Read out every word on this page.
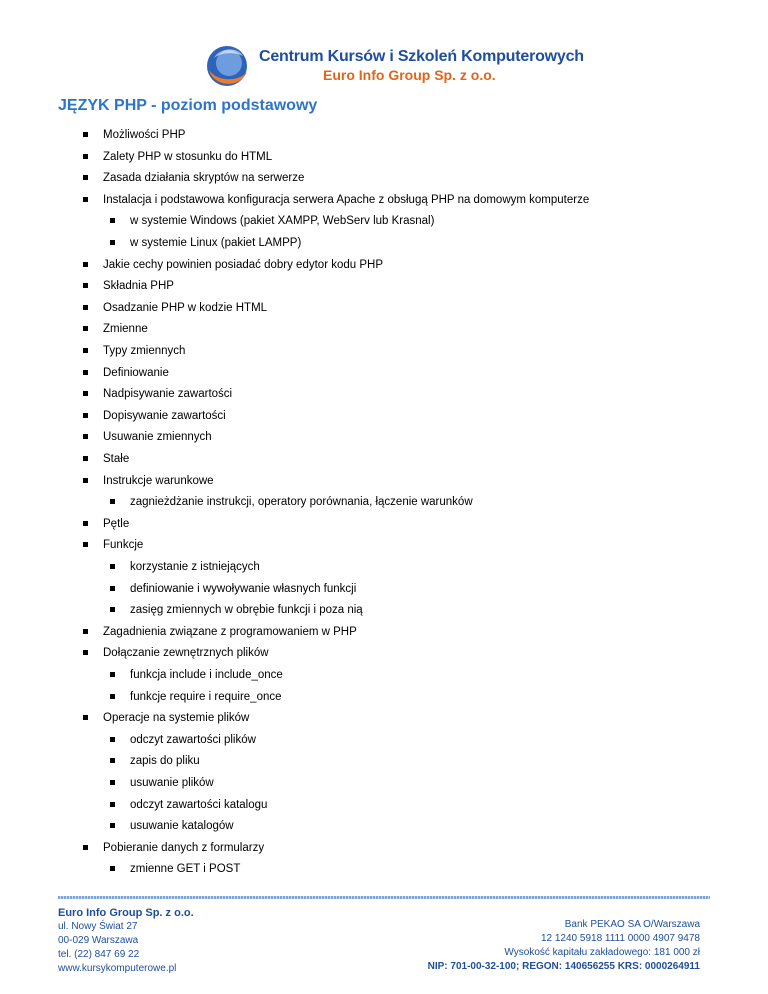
Centrum Kursów i Szkoleń Komputerowych
Euro Info Group Sp. z o.o.
JĘZYK PHP - poziom podstawowy
Możliwości PHP
Zalety PHP w stosunku do HTML
Zasada działania skryptów na serwerze
Instalacja i podstawowa konfiguracja serwera Apache z obsługą PHP na domowym komputerze
w systemie Windows (pakiet XAMPP, WebServ lub Krasnal)
w systemie Linux (pakiet LAMPP)
Jakie cechy powinien posiadać dobry edytor kodu PHP
Składnia PHP
Osadzanie PHP w kodzie HTML
Zmienne
Typy zmiennych
Definiowanie
Nadpisywanie zawartości
Dopisywanie zawartości
Usuwanie zmiennych
Stałe
Instrukcje warunkowe
zagnieżdżanie instrukcji, operatory porównania, łączenie warunków
Pętle
Funkcje
korzystanie z istniejących
definiowanie i wywoływanie własnych funkcji
zasięg zmiennych w obrębie funkcji i poza nią
Zagadnienia związane z programowaniem w PHP
Dołączanie zewnętrznych plików
funkcja include i include_once
funkcje require i require_once
Operacje na systemie plików
odczyt zawartości plików
zapis do pliku
usuwanie plików
odczyt zawartości katalogu
usuwanie katalogów
Pobieranie danych z formularzy
zmienne GET i POST
Euro Info Group Sp. z o.o.
ul. Nowy Świat 27
00-029 Warszawa
tel. (22) 847 69 22
www.kursykomputerowe.pl
Bank PEKAO SA O/Warszawa
12 1240 5918 1111 0000 4907 9478
Wysokość kapitału zakładowego: 181 000 zł
NIP: 701-00-32-100; REGON: 140656255 KRS: 0000264911
